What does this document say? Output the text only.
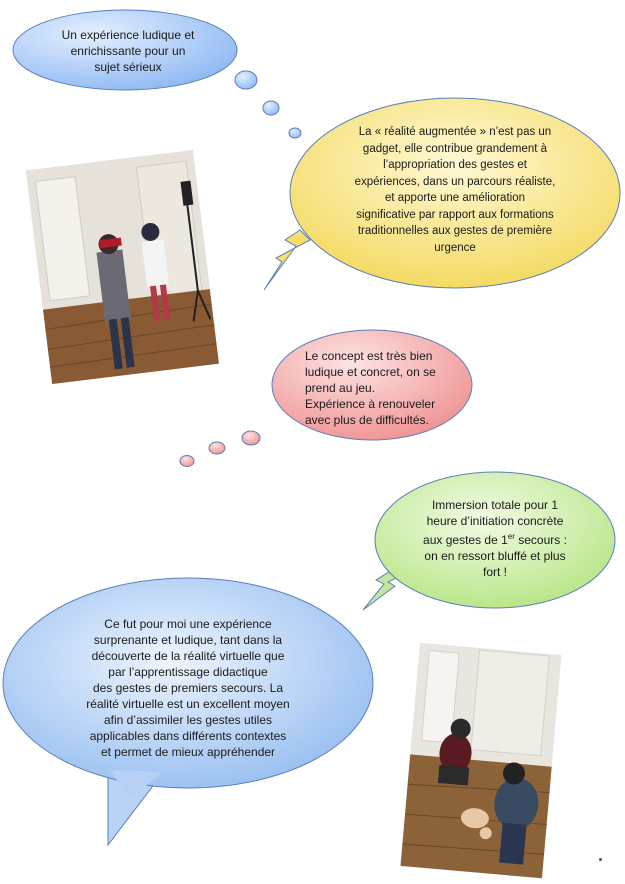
Un expérience ludique et
enrichissante pour un
sujet sérieux
La « réalité augmentée » n’est pas un
gadget, elle contribue grandement à
l’appropriation des gestes et
expériences, dans un parcours réaliste,
et apporte une amélioration
significative par rapport aux formations
traditionnelles aux gestes de première
urgence
Le concept est très bien
ludique et concret, on se
prend au jeu.
Expérience à renouveler
avec plus de difficultés.
Immersion totale pour 1
heure d’initiation concrète
aux gestes de 1er secours :
on en ressort bluffé et plus
fort !
Ce fut pour moi une expérience
surprenante et ludique, tant dans la
découverte de la réalité virtuelle que
par l’apprentissage didactique
des gestes de premiers secours. La
réalité virtuelle est un excellent moyen
afin d’assimiler les gestes utiles
applicables dans différents contextes
et permet de mieux appréhender
